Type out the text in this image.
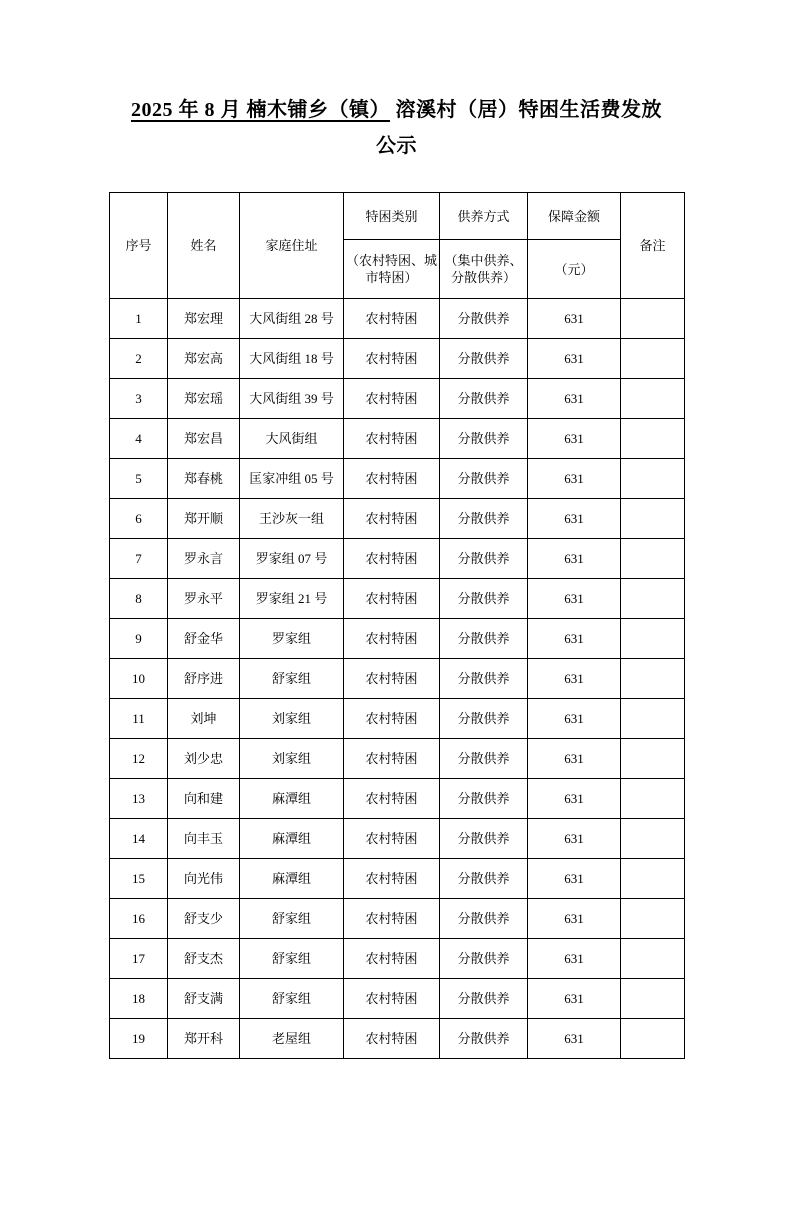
2025 年 8 月 楠木铺乡（镇） 溶溪村（居）特困生活费发放
公示
序号	姓名	家庭住址	特困类别	供养方式	保障金额	备注
			（农村特困、城市特困）	（集中供养、分散供养）	（元）	
1	郑宏理	大风街组 28 号	农村特困	分散供养	631	
2	郑宏高	大风街组 18 号	农村特困	分散供养	631	
3	郑宏瑶	大风街组 39 号	农村特困	分散供养	631	
4	郑宏昌	大风街组	农村特困	分散供养	631	
5	郑春桃	匡家冲组 05 号	农村特困	分散供养	631	
6	郑开顺	王沙灰一组	农村特困	分散供养	631	
7	罗永言	罗家组 07 号	农村特困	分散供养	631	
8	罗永平	罗家组 21 号	农村特困	分散供养	631	
9	舒金华	罗家组	农村特困	分散供养	631	
10	舒序进	舒家组	农村特困	分散供养	631	
11	刘坤	刘家组	农村特困	分散供养	631	
12	刘少忠	刘家组	农村特困	分散供养	631	
13	向和建	麻潭组	农村特困	分散供养	631	
14	向丰玉	麻潭组	农村特困	分散供养	631	
15	向光伟	麻潭组	农村特困	分散供养	631	
16	舒支少	舒家组	农村特困	分散供养	631	
17	舒支杰	舒家组	农村特困	分散供养	631	
18	舒支满	舒家组	农村特困	分散供养	631	
19	郑开科	老屋组	农村特困	分散供养	631	
